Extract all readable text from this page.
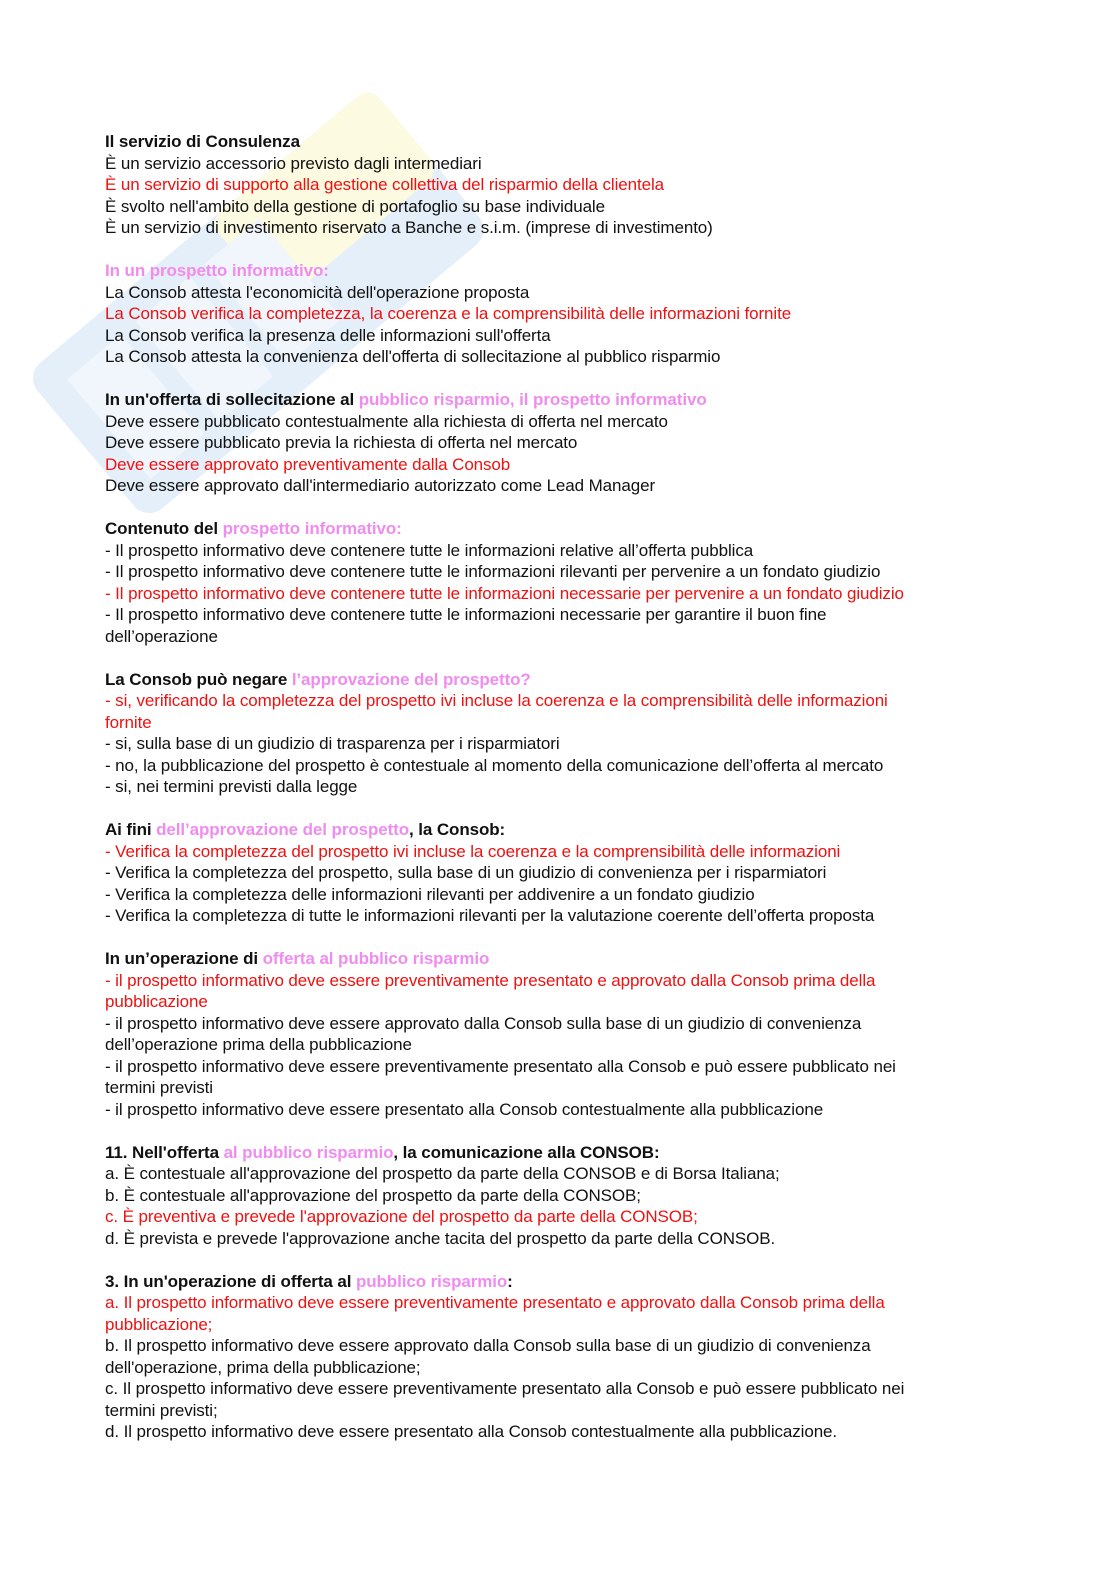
Il servizio di Consulenza
È un servizio accessorio previsto dagli intermediari
È un servizio di supporto alla gestione collettiva del risparmio della clientela
È svolto nell'ambito della gestione di portafoglio su base individuale
È un servizio di investimento riservato a Banche e s.i.m. (imprese di investimento)
In un prospetto informativo:
La Consob attesta l'economicità dell'operazione proposta
La Consob verifica la completezza, la coerenza e la comprensibilità delle informazioni fornite
La Consob verifica la presenza delle informazioni sull'offerta
La Consob attesta la convenienza dell'offerta di sollecitazione al pubblico risparmio
In un'offerta di sollecitazione al pubblico risparmio, il prospetto informativo
Deve essere pubblicato contestualmente alla richiesta di offerta nel mercato
Deve essere pubblicato previa la richiesta di offerta nel mercato
Deve essere approvato preventivamente dalla Consob
Deve essere approvato dall'intermediario autorizzato come Lead Manager
Contenuto del prospetto informativo:
- Il prospetto informativo deve contenere tutte le informazioni relative all’offerta pubblica
- Il prospetto informativo deve contenere tutte le informazioni rilevanti per pervenire a un fondato giudizio
- Il prospetto informativo deve contenere tutte le informazioni necessarie per pervenire a un fondato giudizio
- Il prospetto informativo deve contenere tutte le informazioni necessarie per garantire il buon fine
dell’operazione
La Consob può negare l’approvazione del prospetto?
- si, verificando la completezza del prospetto ivi incluse la coerenza e la comprensibilità delle informazioni
fornite
- si, sulla base di un giudizio di trasparenza per i risparmiatori
- no, la pubblicazione del prospetto è contestuale al momento della comunicazione dell’offerta al mercato
- si, nei termini previsti dalla legge
Ai fini dell’approvazione del prospetto, la Consob:
- Verifica la completezza del prospetto ivi incluse la coerenza e la comprensibilità delle informazioni
- Verifica la completezza del prospetto, sulla base di un giudizio di convenienza per i risparmiatori
- Verifica la completezza delle informazioni rilevanti per addivenire a un fondato giudizio
- Verifica la completezza di tutte le informazioni rilevanti per la valutazione coerente dell’offerta proposta
In un’operazione di offerta al pubblico risparmio
- il prospetto informativo deve essere preventivamente presentato e approvato dalla Consob prima della
pubblicazione
- il prospetto informativo deve essere approvato dalla Consob sulla base di un giudizio di convenienza
dell’operazione prima della pubblicazione
- il prospetto informativo deve essere preventivamente presentato alla Consob e può essere pubblicato nei
termini previsti
- il prospetto informativo deve essere presentato alla Consob contestualmente alla pubblicazione
11. Nell'offerta al pubblico risparmio, la comunicazione alla CONSOB:
a. È contestuale all'approvazione del prospetto da parte della CONSOB e di Borsa Italiana;
b. È contestuale all'approvazione del prospetto da parte della CONSOB;
c. È preventiva e prevede l'approvazione del prospetto da parte della CONSOB;
d. È prevista e prevede l'approvazione anche tacita del prospetto da parte della CONSOB.
3. In un'operazione di offerta al pubblico risparmio:
a. Il prospetto informativo deve essere preventivamente presentato e approvato dalla Consob prima della
pubblicazione;
b. Il prospetto informativo deve essere approvato dalla Consob sulla base di un giudizio di convenienza
dell'operazione, prima della pubblicazione;
c. Il prospetto informativo deve essere preventivamente presentato alla Consob e può essere pubblicato nei
termini previsti;
d. Il prospetto informativo deve essere presentato alla Consob contestualmente alla pubblicazione.
